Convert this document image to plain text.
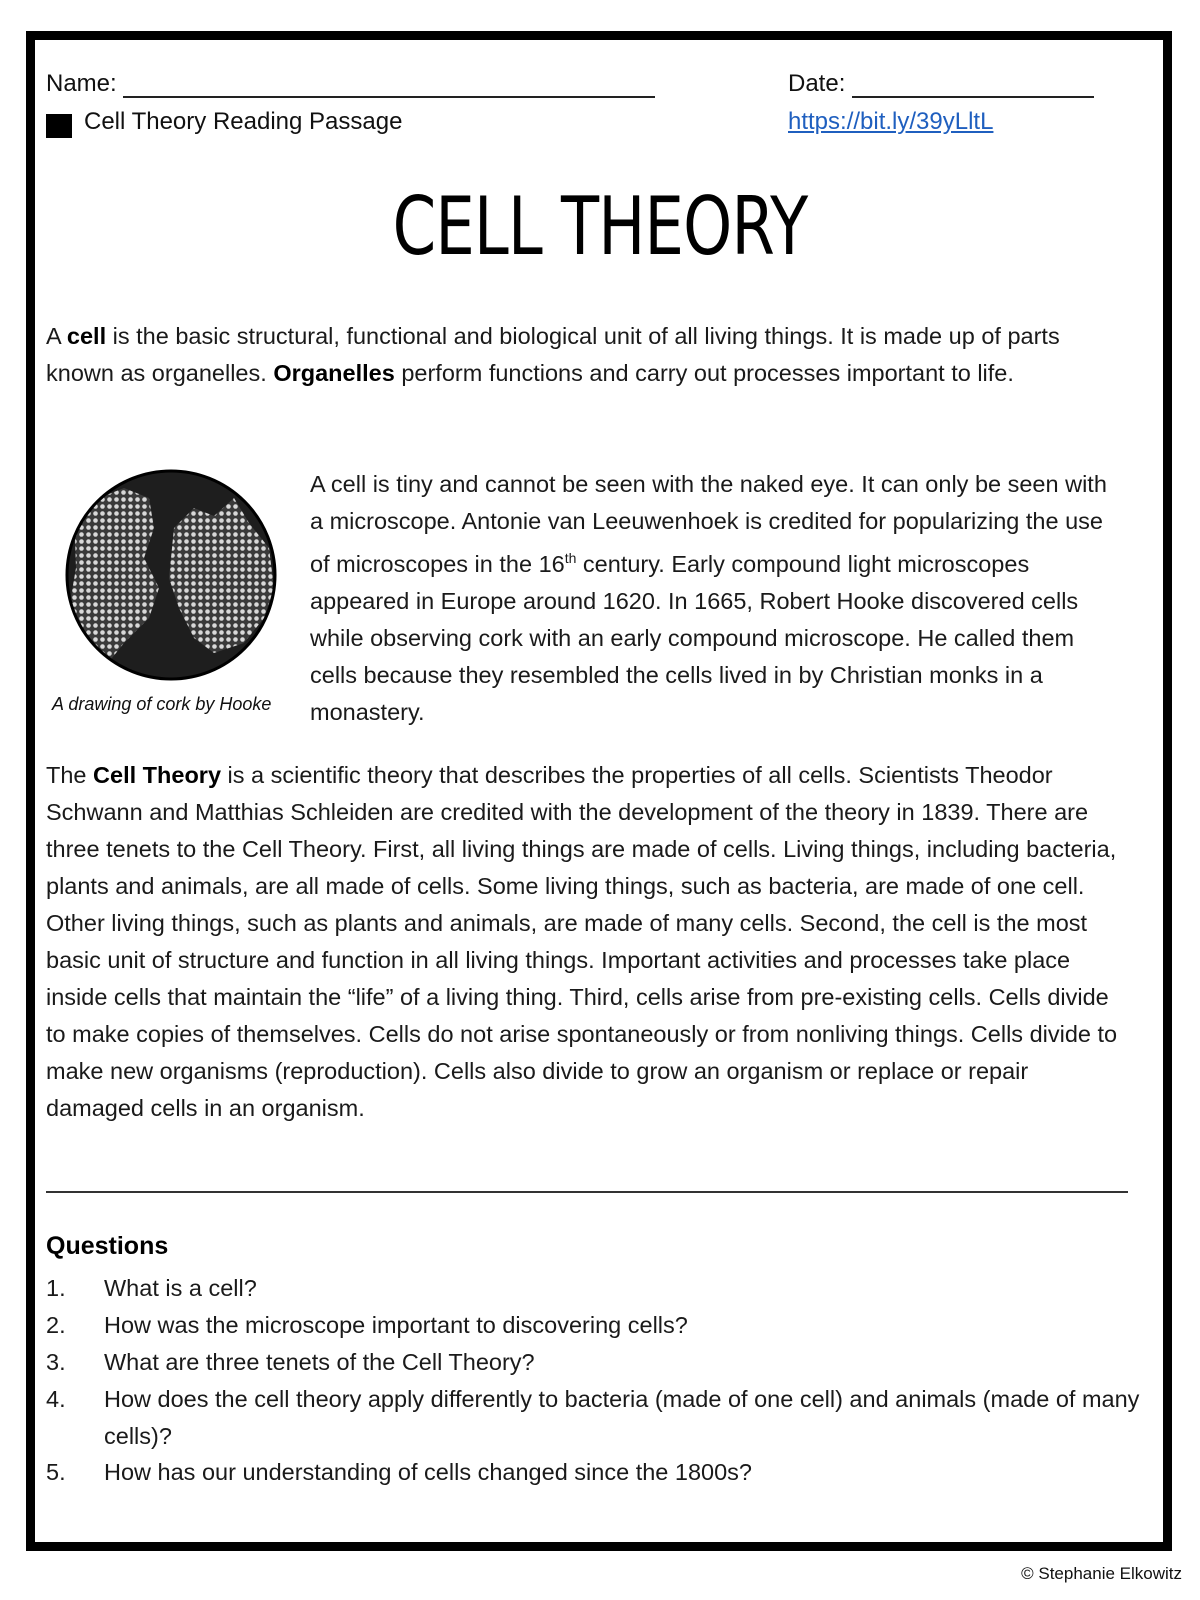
Name:	Date:
Cell Theory Reading Passage	https://bit.ly/39yLltL
CELL THEORY

A cell is the basic structural, functional and biological unit of all living things. It is made up of parts known as organelles. Organelles perform functions and carry out processes important to life.

A drawing of cork by Hooke

A cell is tiny and cannot be seen with the naked eye. It can only be seen with a microscope. Antonie van Leeuwenhoek is credited for popularizing the use of microscopes in the 16th century. Early compound light microscopes appeared in Europe around 1620. In 1665, Robert Hooke discovered cells while observing cork with an early compound microscope. He called them cells because they resembled the cells lived in by Christian monks in a monastery.

The Cell Theory is a scientific theory that describes the properties of all cells. Scientists Theodor Schwann and Matthias Schleiden are credited with the development of the theory in 1839. There are three tenets to the Cell Theory. First, all living things are made of cells. Living things, including bacteria, plants and animals, are all made of cells. Some living things, such as bacteria, are made of one cell. Other living things, such as plants and animals, are made of many cells. Second, the cell is the most basic unit of structure and function in all living things. Important activities and processes take place inside cells that maintain the “life” of a living thing. Third, cells arise from pre-existing cells. Cells divide to make copies of themselves. Cells do not arise spontaneously or from nonliving things. Cells divide to make new organisms (reproduction). Cells also divide to grow an organism or replace or repair damaged cells in an organism.

Questions
1. What is a cell?
2. How was the microscope important to discovering cells?
3. What are three tenets of the Cell Theory?
4. How does the cell theory apply differently to bacteria (made of one cell) and animals (made of many cells)?
5. How has our understanding of cells changed since the 1800s?
© Stephanie Elkowitz
